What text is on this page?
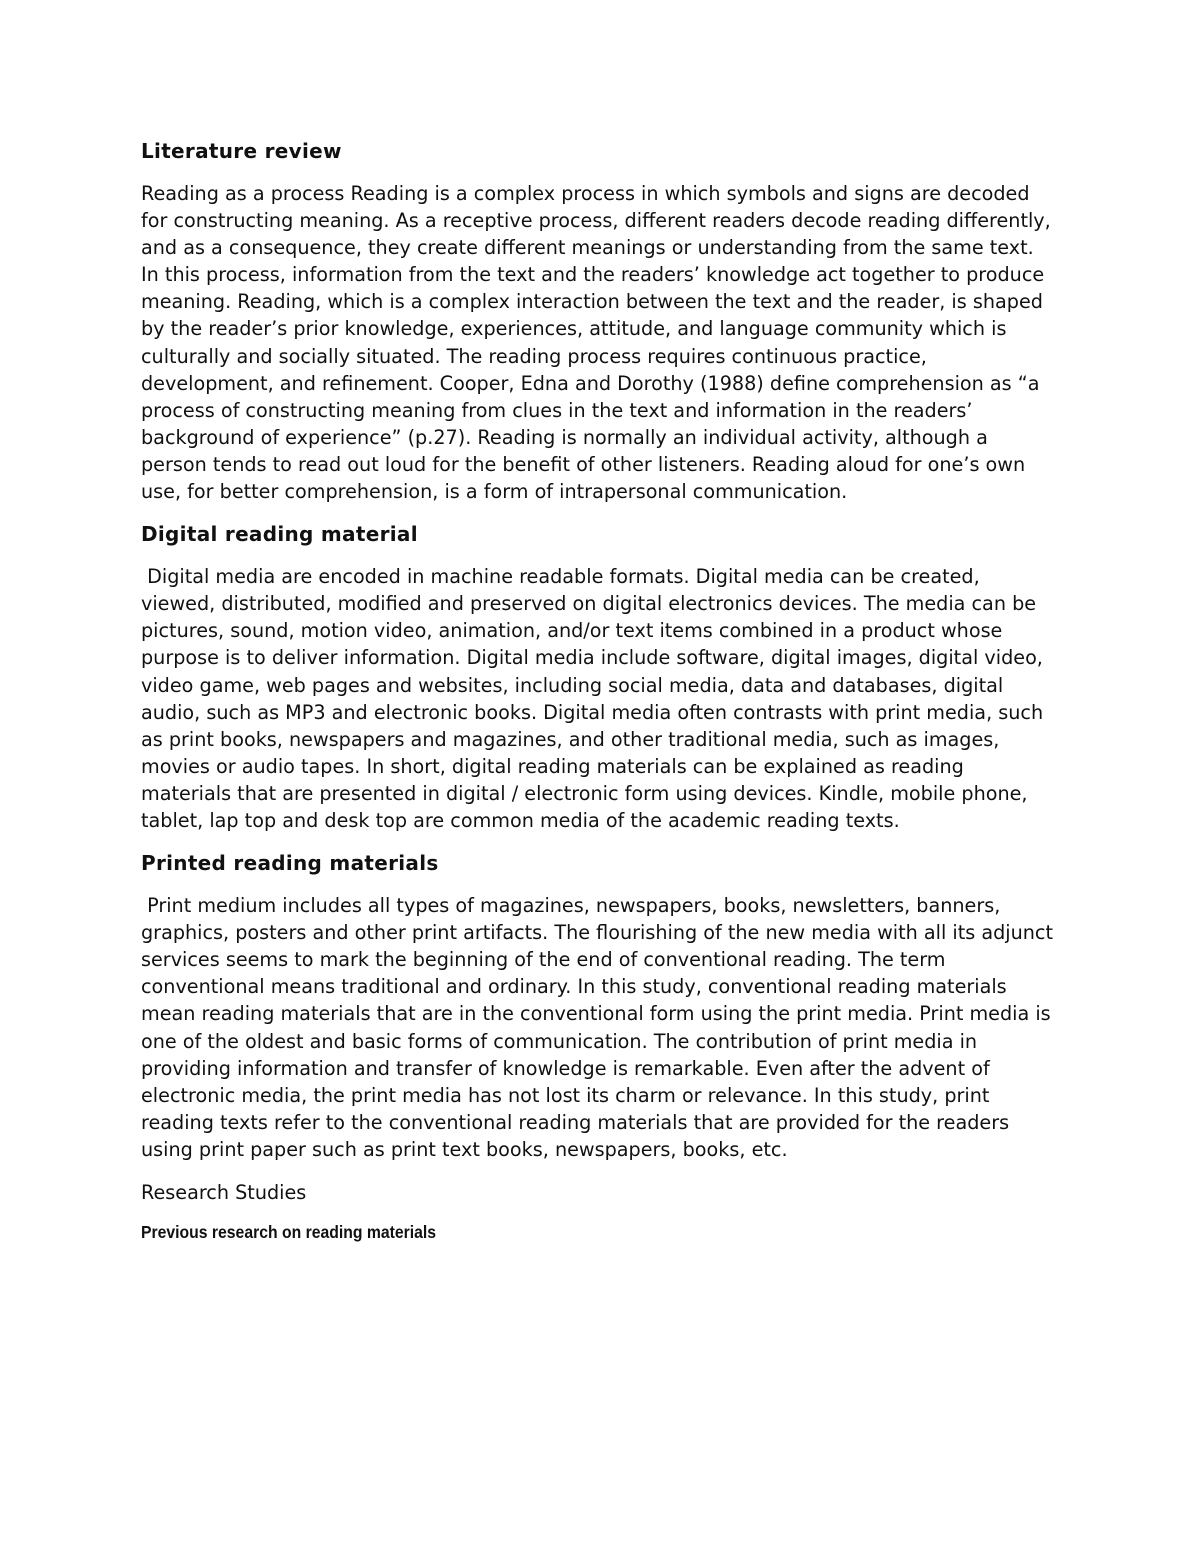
Literature review

Reading as a process Reading is a complex process in which symbols and signs are decoded for constructing meaning. As a receptive process, different readers decode reading differently, and as a consequence, they create different meanings or understanding from the same text. In this process, information from the text and the readers’ knowledge act together to produce meaning. Reading, which is a complex interaction between the text and the reader, is shaped by the reader’s prior knowledge, experiences, attitude, and language community which is culturally and socially situated. The reading process requires continuous practice, development, and refinement. Cooper, Edna and Dorothy (1988) define comprehension as “a process of constructing meaning from clues in the text and information in the readers’ background of experience” (p.27). Reading is normally an individual activity, although a person tends to read out loud for the benefit of other listeners. Reading aloud for one’s own use, for better comprehension, is a form of intrapersonal communication.

Digital reading material

Digital media are encoded in machine readable formats. Digital media can be created, viewed, distributed, modified and preserved on digital electronics devices. The media can be pictures, sound, motion video, animation, and/or text items combined in a product whose purpose is to deliver information. Digital media include software, digital images, digital video, video game, web pages and websites, including social media, data and databases, digital audio, such as MP3 and electronic books. Digital media often contrasts with print media, such as print books, newspapers and magazines, and other traditional media, such as images, movies or audio tapes. In short, digital reading materials can be explained as reading materials that are presented in digital / electronic form using devices. Kindle, mobile phone, tablet, lap top and desk top are common media of the academic reading texts.

Printed reading materials

Print medium includes all types of magazines, newspapers, books, newsletters, banners, graphics, posters and other print artifacts. The flourishing of the new media with all its adjunct services seems to mark the beginning of the end of conventional reading. The term conventional means traditional and ordinary. In this study, conventional reading materials mean reading materials that are in the conventional form using the print media. Print media is one of the oldest and basic forms of communication. The contribution of print media in providing information and transfer of knowledge is remarkable. Even after the advent of electronic media, the print media has not lost its charm or relevance. In this study, print reading texts refer to the conventional reading materials that are provided for the readers using print paper such as print text books, newspapers, books, etc.

Research Studies
Previous research on reading materials
